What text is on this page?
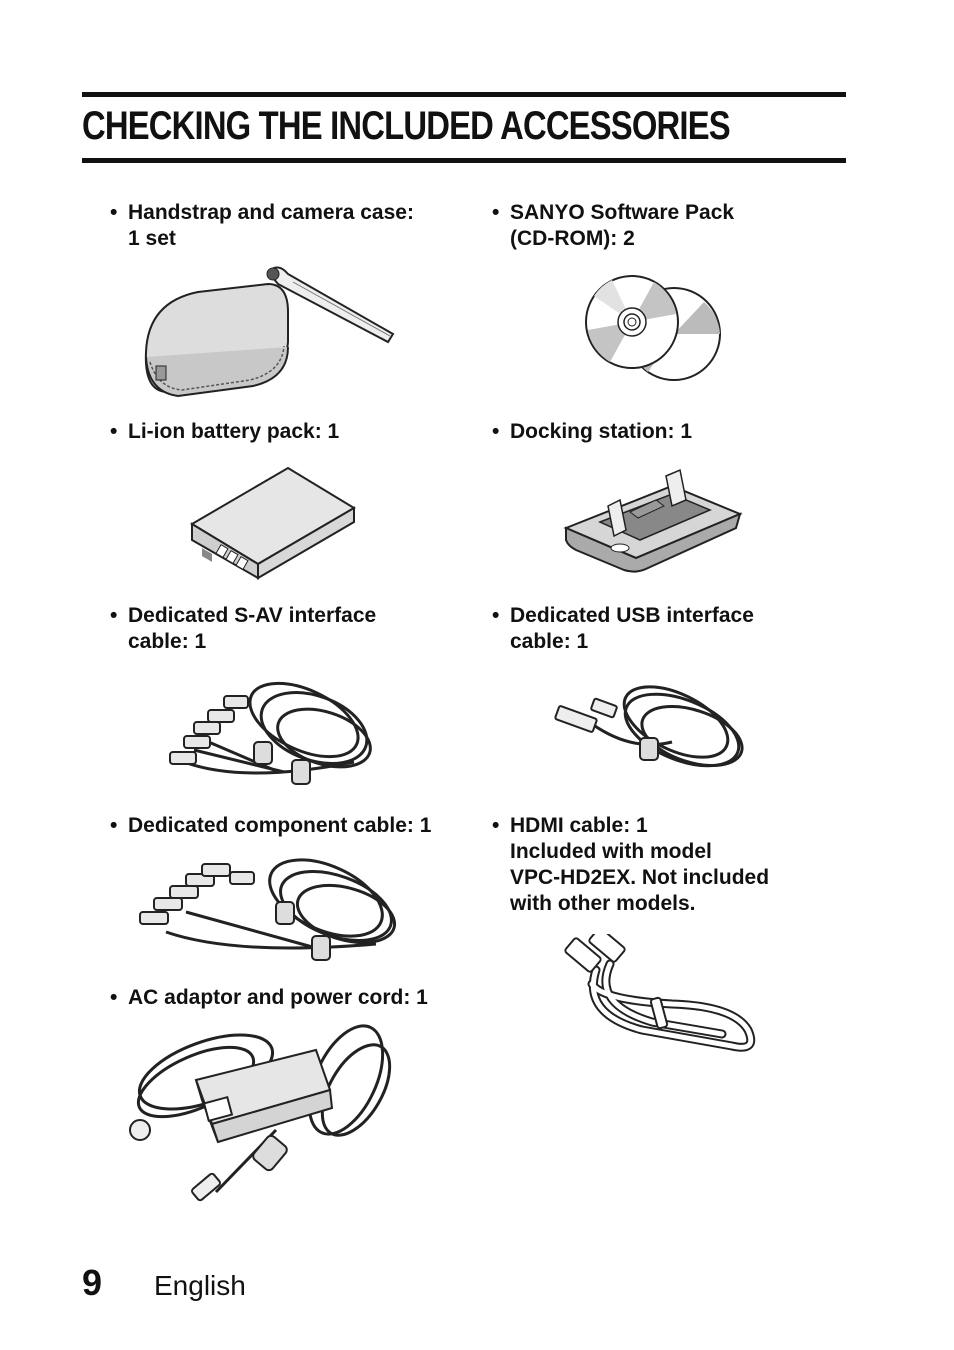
CHECKING THE INCLUDED ACCESSORIES
• Handstrap and camera case:
1 set
• Li-ion battery pack: 1
• Dedicated S-AV interface
cable: 1
• Dedicated component cable: 1
• AC adaptor and power cord: 1
• SANYO Software Pack
(CD-ROM): 2
• Docking station: 1
• Dedicated USB interface
cable: 1
• HDMI cable: 1
Included with model
VPC-HD2EX. Not included
with other models.
9 English
